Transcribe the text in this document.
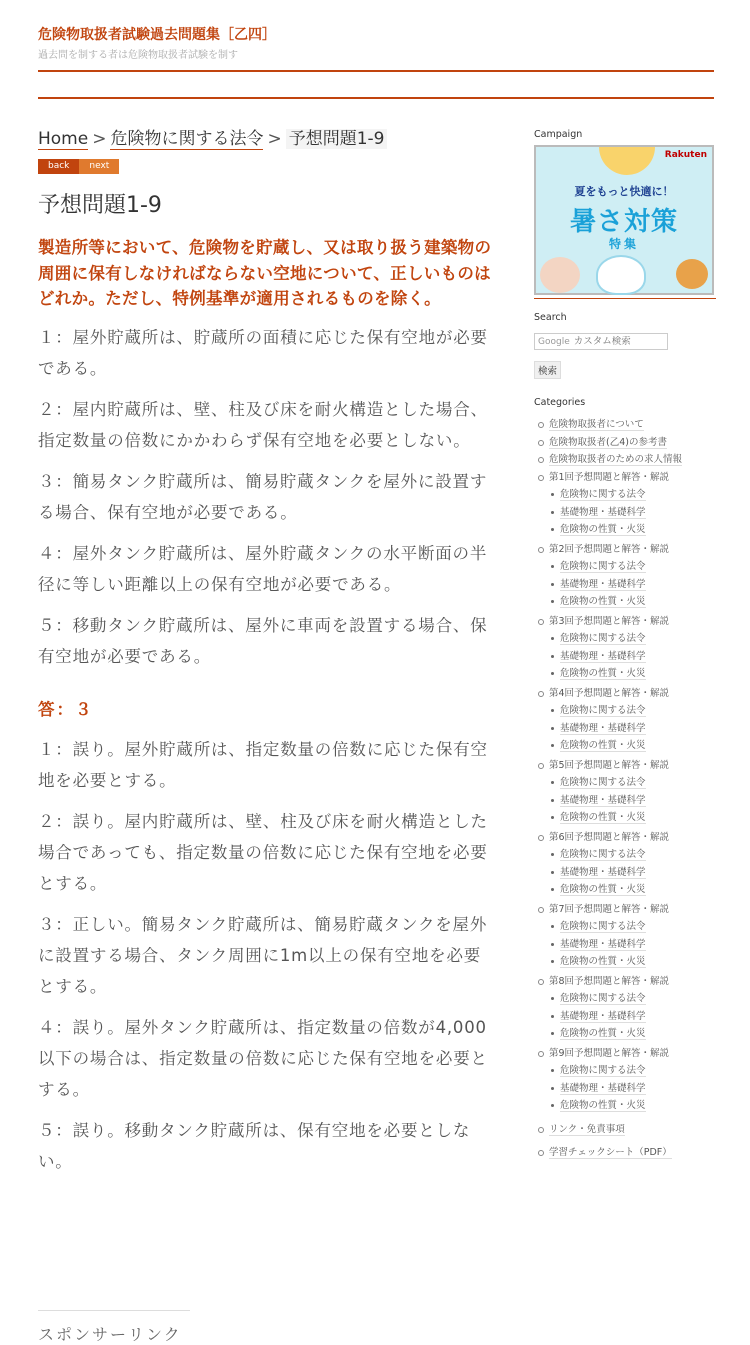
危険物取扱者試験過去問題集［乙四］
過去問を制する者は危険物取扱者試験を制す
Home > 危険物に関する法令 > 予想問題1-9
back	next
予想問題1-9

製造所等において、危険物を貯蔵し、又は取り扱う建築物の周囲に保有しなければならない空地について、正しいものはどれか。ただし、特例基準が適用されるものを除く。

１：屋外貯蔵所は、貯蔵所の面積に応じた保有空地が必要である。

２：屋内貯蔵所は、壁、柱及び床を耐火構造とした場合、指定数量の倍数にかかわらず保有空地を必要としない。

３：簡易タンク貯蔵所は、簡易貯蔵タンクを屋外に設置する場合、保有空地が必要である。

４：屋外タンク貯蔵所は、屋外貯蔵タンクの水平断面の半径に等しい距離以上の保有空地が必要である。

５：移動タンク貯蔵所は、屋外に車両を設置する場合、保有空地が必要である。

答：３

１：誤り。屋外貯蔵所は、指定数量の倍数に応じた保有空地を必要とする。

２：誤り。屋内貯蔵所は、壁、柱及び床を耐火構造とした場合であっても、指定数量の倍数に応じた保有空地を必要とする。

３：正しい。簡易タンク貯蔵所は、簡易貯蔵タンクを屋外に設置する場合、タンク周囲に1m以上の保有空地を必要とする。

４：誤り。屋外タンク貯蔵所は、指定数量の倍数が4,000以下の場合は、指定数量の倍数に応じた保有空地を必要とする。

５：誤り。移動タンク貯蔵所は、保有空地を必要としない。

スポンサーリンク
Campaign
Rakuten
夏をもっと快適に！
暑さ対策
特集
Search
Google
カスタム検索
検索
Categories
危険物取扱者について
危険物取扱者(乙4)の参考書
危険物取扱者のための求人情報
第1回予想問題と解答・解説
危険物に関する法令
基礎物理・基礎科学
危険物の性質・火災
第2回予想問題と解答・解説
危険物に関する法令
基礎物理・基礎科学
危険物の性質・火災
第3回予想問題と解答・解説
危険物に関する法令
基礎物理・基礎科学
危険物の性質・火災
第4回予想問題と解答・解説
危険物に関する法令
基礎物理・基礎科学
危険物の性質・火災
第5回予想問題と解答・解説
危険物に関する法令
基礎物理・基礎科学
危険物の性質・火災
第6回予想問題と解答・解説
危険物に関する法令
基礎物理・基礎科学
危険物の性質・火災
第7回予想問題と解答・解説
危険物に関する法令
基礎物理・基礎科学
危険物の性質・火災
第8回予想問題と解答・解説
危険物に関する法令
基礎物理・基礎科学
危険物の性質・火災
第9回予想問題と解答・解説
危険物に関する法令
基礎物理・基礎科学
危険物の性質・火災
リンク・免責事項
学習チェックシート（PDF）
